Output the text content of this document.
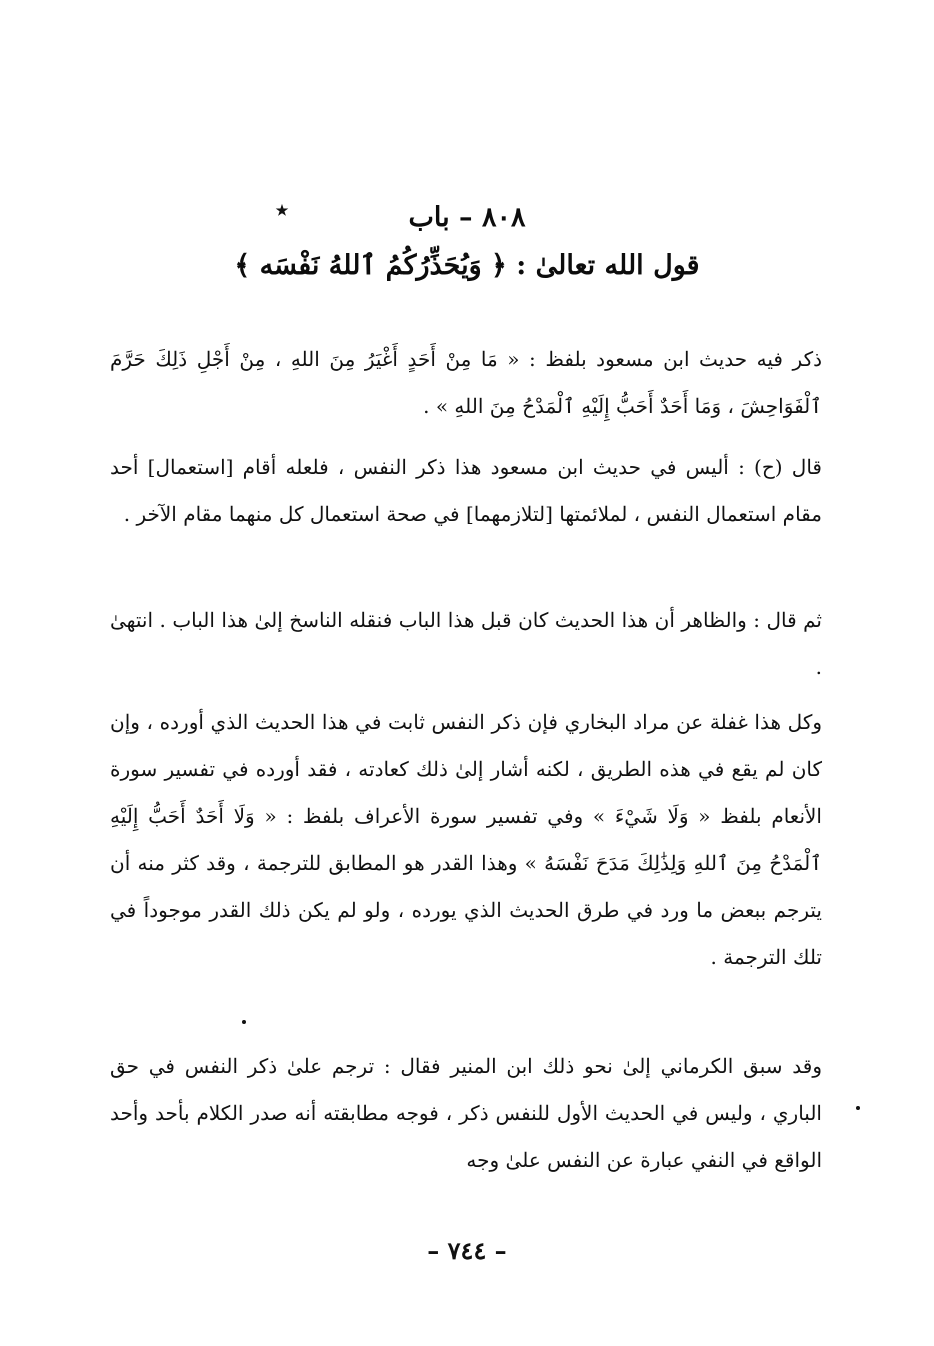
٭	٨٠٨ – باب
قول الله تعالىٰ : ﴿ وَيُحَذِّرُكُمُ ٱللهُ نَفْسَه ﴾

ذكر فيه حديث ابن مسعود بلفظ : « مَا مِنْ أَحَدٍ أَغْيَرُ مِنَ اللهِ ، مِنْ أَجْلِ ذَلِكَ حَرَّمَ ٱلْفَوَاحِشَ ، وَمَا أَحَدٌ أَحَبُّ إِلَيْهِ ٱلْمَدْحُ مِنَ اللهِ » .

قال (ح) : أليس في حديث ابن مسعود هذا ذكر النفس ، فلعله أقام [استعمال] أحد مقام استعمال النفس ، لملائمتها [لتلازمهما] في صحة استعمال كل منهما مقام الآخر .

ثم قال : والظاهر أن هذا الحديث كان قبل هذا الباب فنقله الناسخ إلىٰ هذا الباب . انتهىٰ .

وكل هذا غفلة عن مراد البخاري فإن ذكر النفس ثابت في هذا الحديث الذي أورده ، وإن كان لم يقع في هذه الطريق ، لكنه أشار إلىٰ ذلك كعادته ، فقد أورده في تفسير سورة الأنعام بلفظ « وَلَا شَيْءَ » وفي تفسير سورة الأعراف بلفظ : « وَلَا أَحَدٌ أَحَبُّ إِلَيْهِ ٱلْمَدْحُ مِنَ ٱللهِ وَلِذَٰلِكَ مَدَحَ نَفْسَهُ » وهذا القدر هو المطابق للترجمة ، وقد كثر منه أن يترجم ببعض ما ورد في طرق الحديث الذي يورده ، ولو لم يكن ذلك القدر موجوداً في تلك الترجمة .

وقد سبق الكرماني إلىٰ نحو ذلك ابن المنير فقال : ترجم علىٰ ذكر النفس في حق الباري ، وليس في الحديث الأول للنفس ذكر ، فوجه مطابقته أنه صدر الكلام بأحد وأحد الواقع في النفي عبارة عن النفس علىٰ وجه

– ٧٤٤ –
